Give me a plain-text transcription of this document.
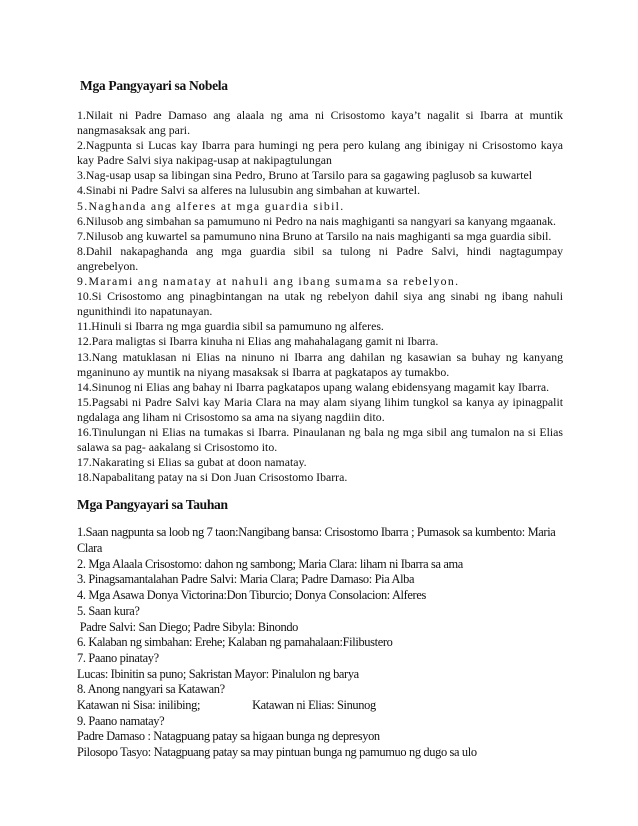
Mga Pangyayari sa Nobela

1.Nilait ni Padre Damaso ang alaala ng ama ni Crisostomo kaya’t nagalit si Ibarra at muntik nangmasaksak ang pari.

2.Nagpunta si Lucas kay Ibarra para humingi ng pera pero kulang ang ibinigay ni Crisostomo kaya kay Padre Salvi siya nakipag-usap at nakipagtulungan

3.Nag-usap usap sa libingan sina Pedro, Bruno at Tarsilo para sa gagawing paglusob sa kuwartel

4.Sinabi ni Padre Salvi sa alferes na lulusubin ang simbahan at kuwartel.

5.Naghanda ang alferes at mga guardia sibil.

6.Nilusob ang simbahan sa pamumuno ni Pedro na nais maghiganti sa nangyari sa kanyang mgaanak.

7.Nilusob ang kuwartel sa pamumuno nina Bruno at Tarsilo na nais maghiganti sa mga guardia sibil.

8.Dahil nakapaghanda ang mga guardia sibil sa tulong ni Padre Salvi, hindi nagtagumpay angrebelyon.

9.Marami ang namatay at nahuli ang ibang sumama sa rebelyon.

10.Si Crisostomo ang pinagbintangan na utak ng rebelyon dahil siya ang sinabi ng ibang nahuli ngunithindi ito napatunayan.

11.Hinuli si Ibarra ng mga guardia sibil sa pamumuno ng alferes.

12.Para maligtas si Ibarra kinuha ni Elias ang mahahalagang gamit ni Ibarra.

13.Nang matuklasan ni Elias na ninuno ni Ibarra ang dahilan ng kasawian sa buhay ng kanyang mganinuno ay muntik na niyang masaksak si Ibarra at pagkatapos ay tumakbo.

14.Sinunog ni Elias ang bahay ni Ibarra pagkatapos upang walang ebidensyang magamit kay Ibarra.

15.Pagsabi ni Padre Salvi kay Maria Clara na may alam siyang lihim tungkol sa kanya ay ipinagpalit ngdalaga ang liham ni Crisostomo sa ama na siyang nagdiin dito.

16.Tinulungan ni Elias na tumakas si Ibarra. Pinaulanan ng bala ng mga sibil ang tumalon na si Elias salawa sa pag- aakalang si Crisostomo ito.

17.Nakarating si Elias sa gubat at doon namatay.

18.Napabalitang patay na si Don Juan Crisostomo Ibarra.

Mga Pangyayari sa Tauhan

1.Saan nagpunta sa loob ng 7 taon:Nangibang bansa: Crisostomo Ibarra ; Pumasok sa kumbento: Maria Clara

2. Mga Alaala Crisostomo: dahon ng sambong; Maria Clara: liham ni Ibarra sa ama

3. Pinagsamantalahan Padre Salvi: Maria Clara; Padre Damaso: Pia Alba

4. Mga Asawa Donya Victorina:Don Tiburcio; Donya Consolacion: Alferes

5. Saan kura?

Padre Salvi: San Diego; Padre Sibyla: Binondo

6. Kalaban ng simbahan: Erehe; Kalaban ng pamahalaan:Filibustero

7. Paano pinatay?

Lucas: Ibinitin sa puno; Sakristan Mayor: Pinalulon ng barya

8. Anong nangyari sa Katawan?

Katawan ni Sisa: inilibing;	Katawan ni Elias: Sinunog

9. Paano namatay?

Padre Damaso : Natagpuang patay sa higaan bunga ng depresyon

Pilosopo Tasyo: Natagpuang patay sa may pintuan bunga ng pamumuo ng dugo sa ulo
